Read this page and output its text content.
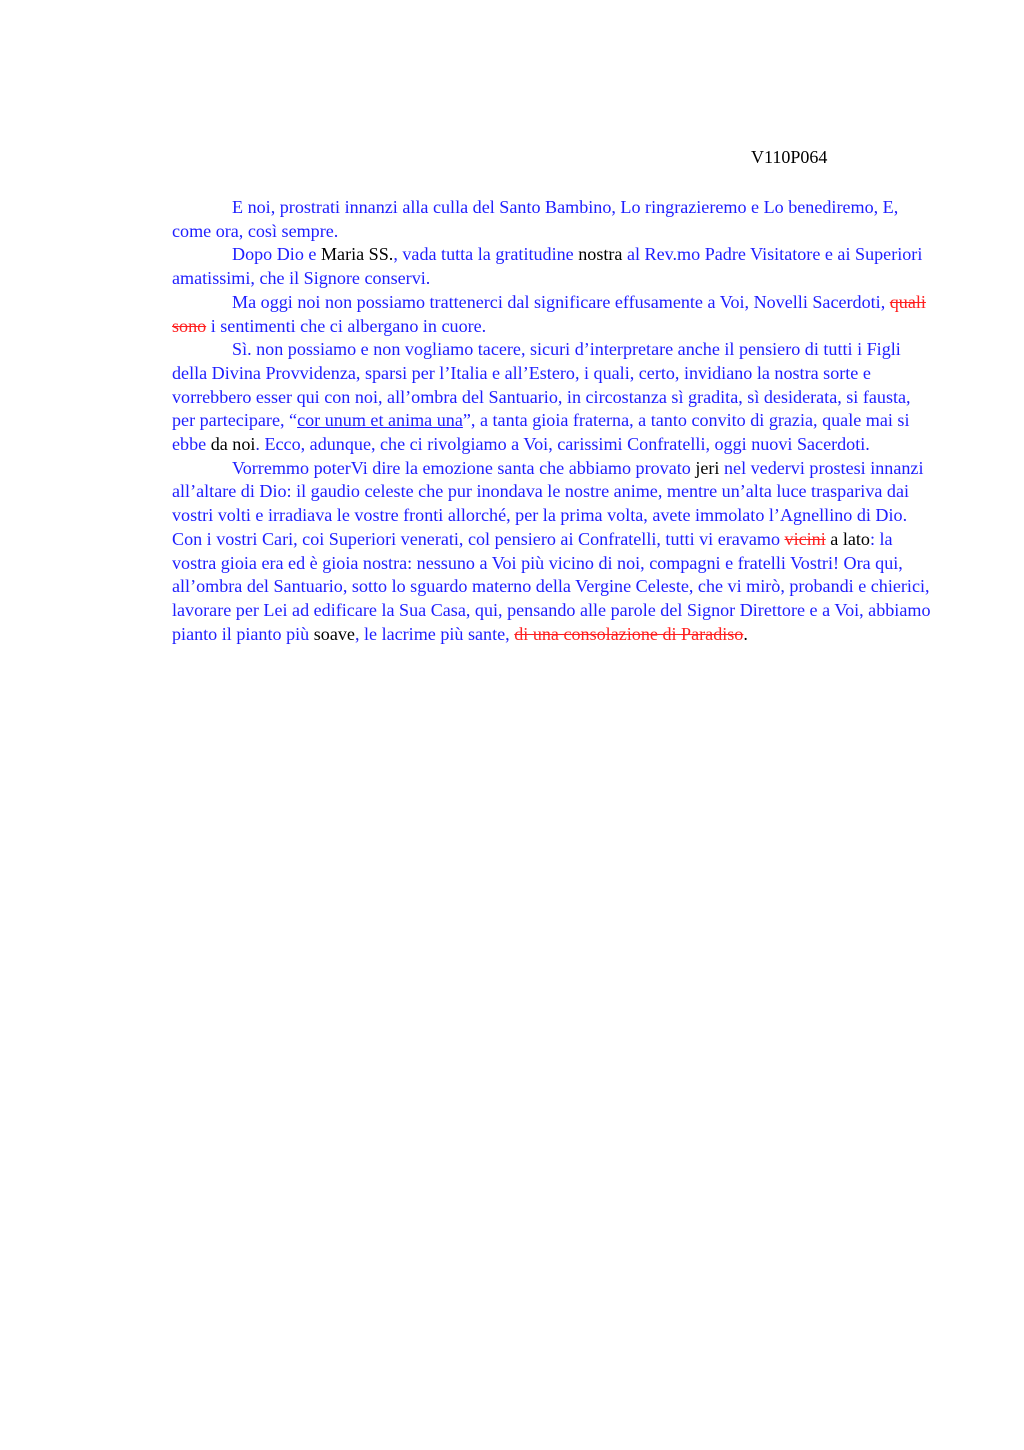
V110P064

E noi, prostrati innanzi alla culla del Santo Bambino, Lo ringrazieremo e Lo benediremo, E, come ora, così sempre.

Dopo Dio e Maria SS., vada tutta la gratitudine nostra al Rev.mo Padre Visitatore e ai Superiori amatissimi, che il Signore conservi.

Ma oggi noi non possiamo trattenerci dal significare effusamente a Voi, Novelli Sacerdoti, quali sono i sentimenti che ci albergano in cuore.

Sì. non possiamo e non vogliamo tacere, sicuri d’interpretare anche il pensiero di tutti i Figli della Divina Provvidenza, sparsi per l’Italia e all’Estero, i quali, certo, invidiano la nostra sorte e vorrebbero esser qui con noi, all’ombra del Santuario, in circostanza sì gradita, sì desiderata, si fausta, per partecipare, “cor unum et anima una”, a tanta gioia fraterna, a tanto convito di grazia, quale mai si ebbe da noi. Ecco, adunque, che ci rivolgiamo a Voi, carissimi Confratelli, oggi nuovi Sacerdoti.

Vorremmo poterVi dire la emozione santa che abbiamo provato jeri nel vedervi prostesi innanzi all’altare di Dio: il gaudio celeste che pur inondava le nostre anime, mentre un’alta luce traspariva dai vostri volti e irradiava le vostre fronti allorché, per la prima volta, avete immolato l’Agnellino di Dio. Con i vostri Cari, coi Superiori venerati, col pensiero ai Confratelli, tutti vi eravamo vicini a lato: la vostra gioia era ed è gioia nostra: nessuno a Voi più vicino di noi, compagni e fratelli Vostri! Ora qui, all’ombra del Santuario, sotto lo sguardo materno della Vergine Celeste, che vi mirò, probandi e chierici, lavorare per Lei ad edificare la Sua Casa, qui, pensando alle parole del Signor Direttore e a Voi, abbiamo pianto il pianto più soave, le lacrime più sante, di una consolazione di Paradiso.
